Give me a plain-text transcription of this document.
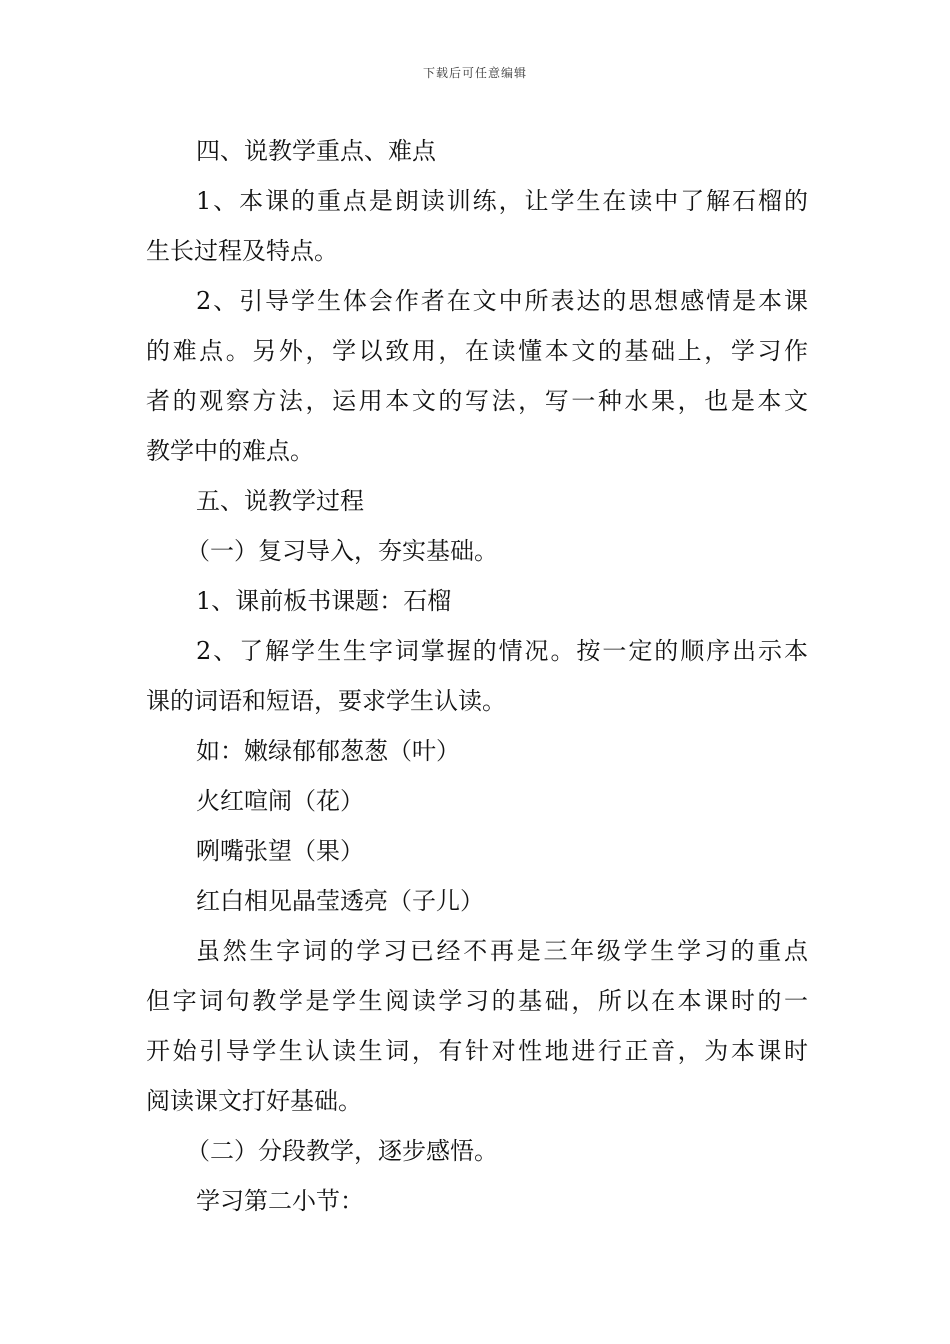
下载后可任意编辑
四、说教学重点、难点
1、本课的重点是朗读训练，让学生在读中了解石榴的
生长过程及特点。
2、引导学生体会作者在文中所表达的思想感情是本课
的难点。另外，学以致用，在读懂本文的基础上，学习作
者的观察方法，运用本文的写法，写一种水果，也是本文
教学中的难点。
五、说教学过程
（一）复习导入，夯实基础。
1、课前板书课题：石榴
2、了解学生生字词掌握的情况。按一定的顺序出示本
课的词语和短语，要求学生认读。
如：嫩绿郁郁葱葱（叶）
火红喧闹（花）
咧嘴张望（果）
红白相见晶莹透亮（子儿）
虽然生字词的学习已经不再是三年级学生学习的重点
但字词句教学是学生阅读学习的基础，所以在本课时的一
开始引导学生认读生词，有针对性地进行正音，为本课时
阅读课文打好基础。
（二）分段教学，逐步感悟。
学习第二小节：
